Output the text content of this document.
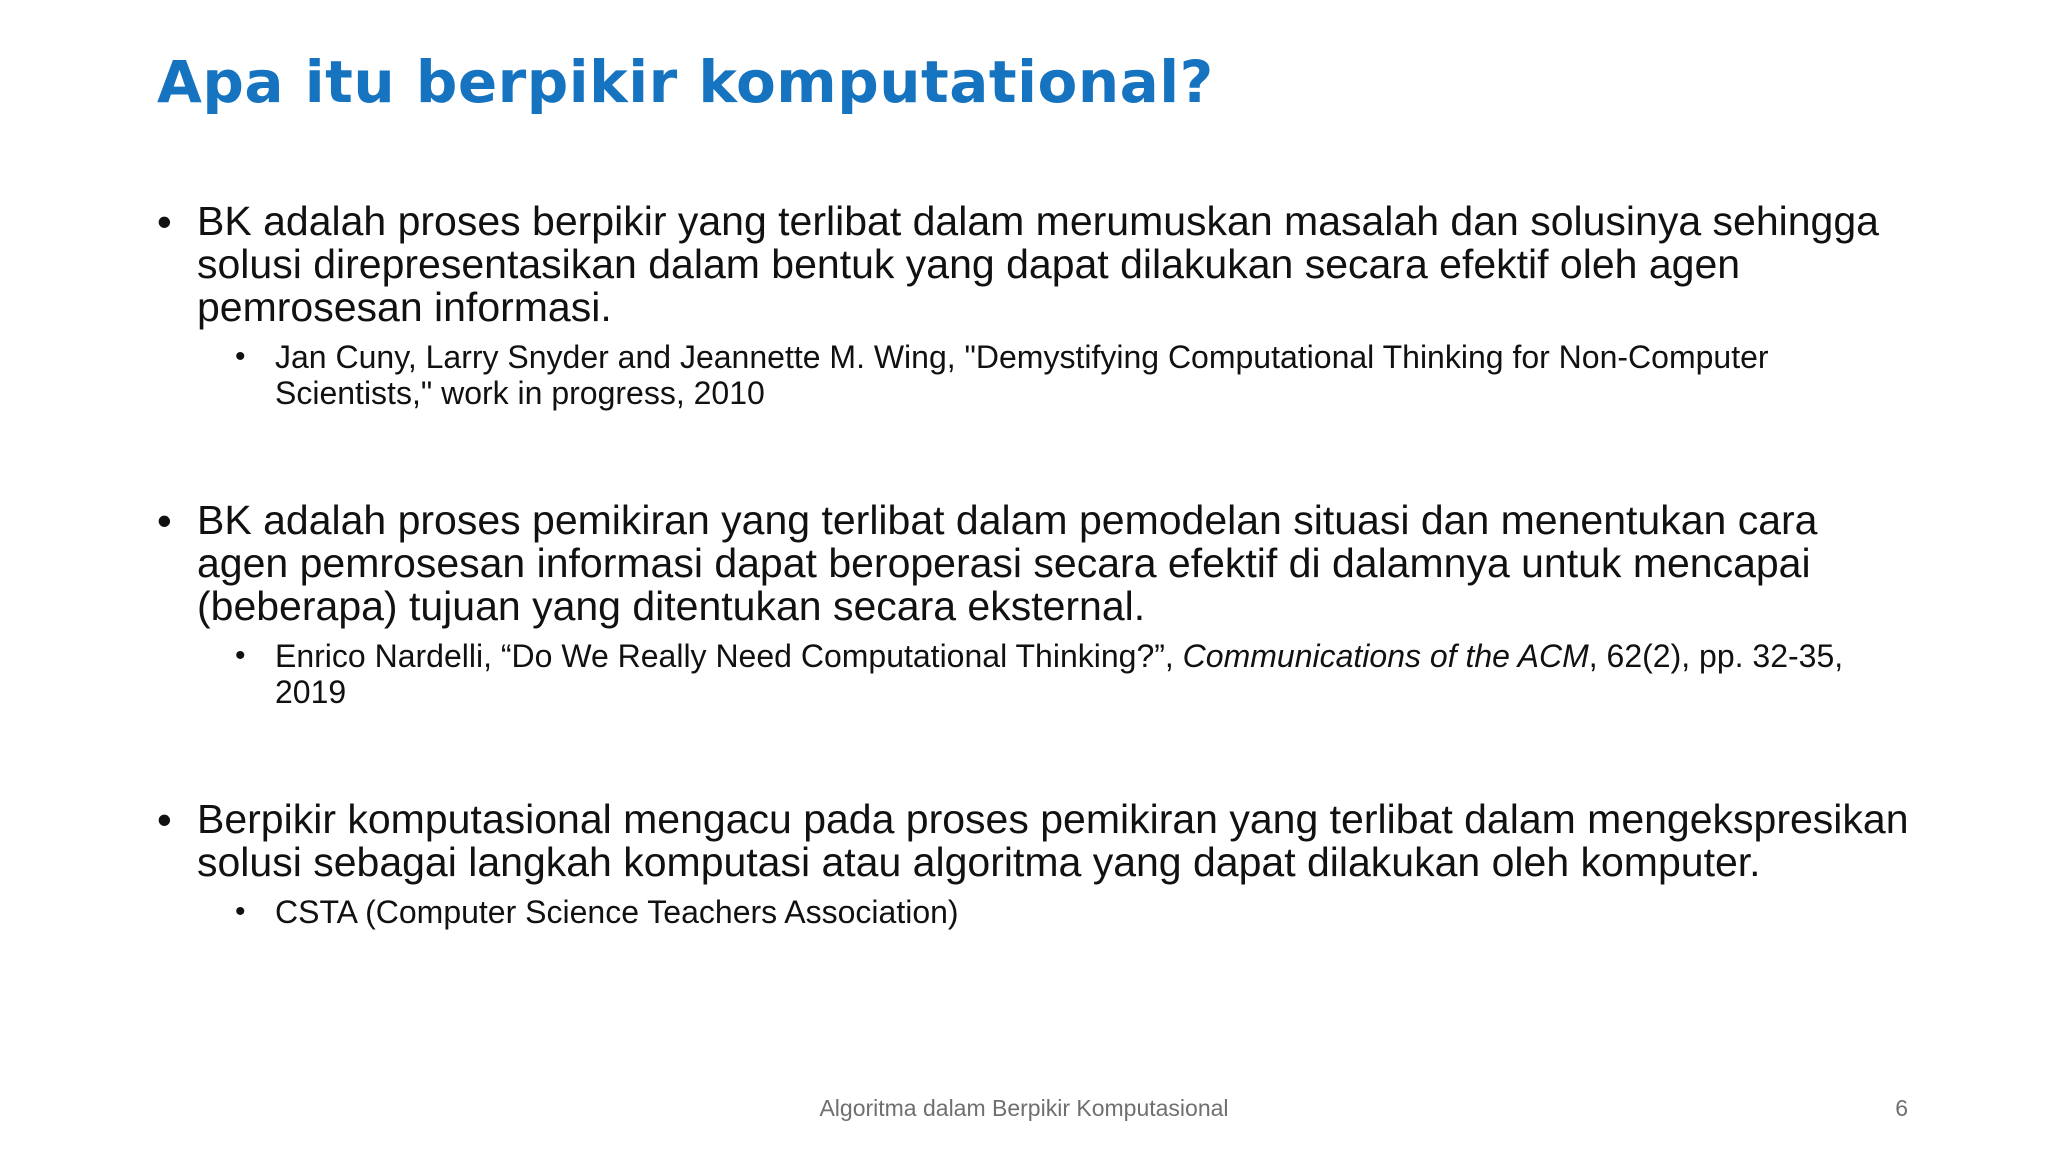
Apa itu berpikir komputational?
• BK adalah proses berpikir yang terlibat dalam merumuskan masalah dan solusinya sehingga solusi direpresentasikan dalam bentuk yang dapat dilakukan secara efektif oleh agen pemrosesan informasi.
• Jan Cuny, Larry Snyder and Jeannette M. Wing, "Demystifying Computational Thinking for Non-Computer Scientists," work in progress, 2010
• BK adalah proses pemikiran yang terlibat dalam pemodelan situasi dan menentukan cara agen pemrosesan informasi dapat beroperasi secara efektif di dalamnya untuk mencapai (beberapa) tujuan yang ditentukan secara eksternal.
• Enrico Nardelli, “Do We Really Need Computational Thinking?”, Communications of the ACM, 62(2), pp. 32-35, 2019
• Berpikir komputasional mengacu pada proses pemikiran yang terlibat dalam mengekspresikan solusi sebagai langkah komputasi atau algoritma yang dapat dilakukan oleh komputer.
• CSTA (Computer Science Teachers Association)
Algoritma dalam Berpikir Komputasional	6
